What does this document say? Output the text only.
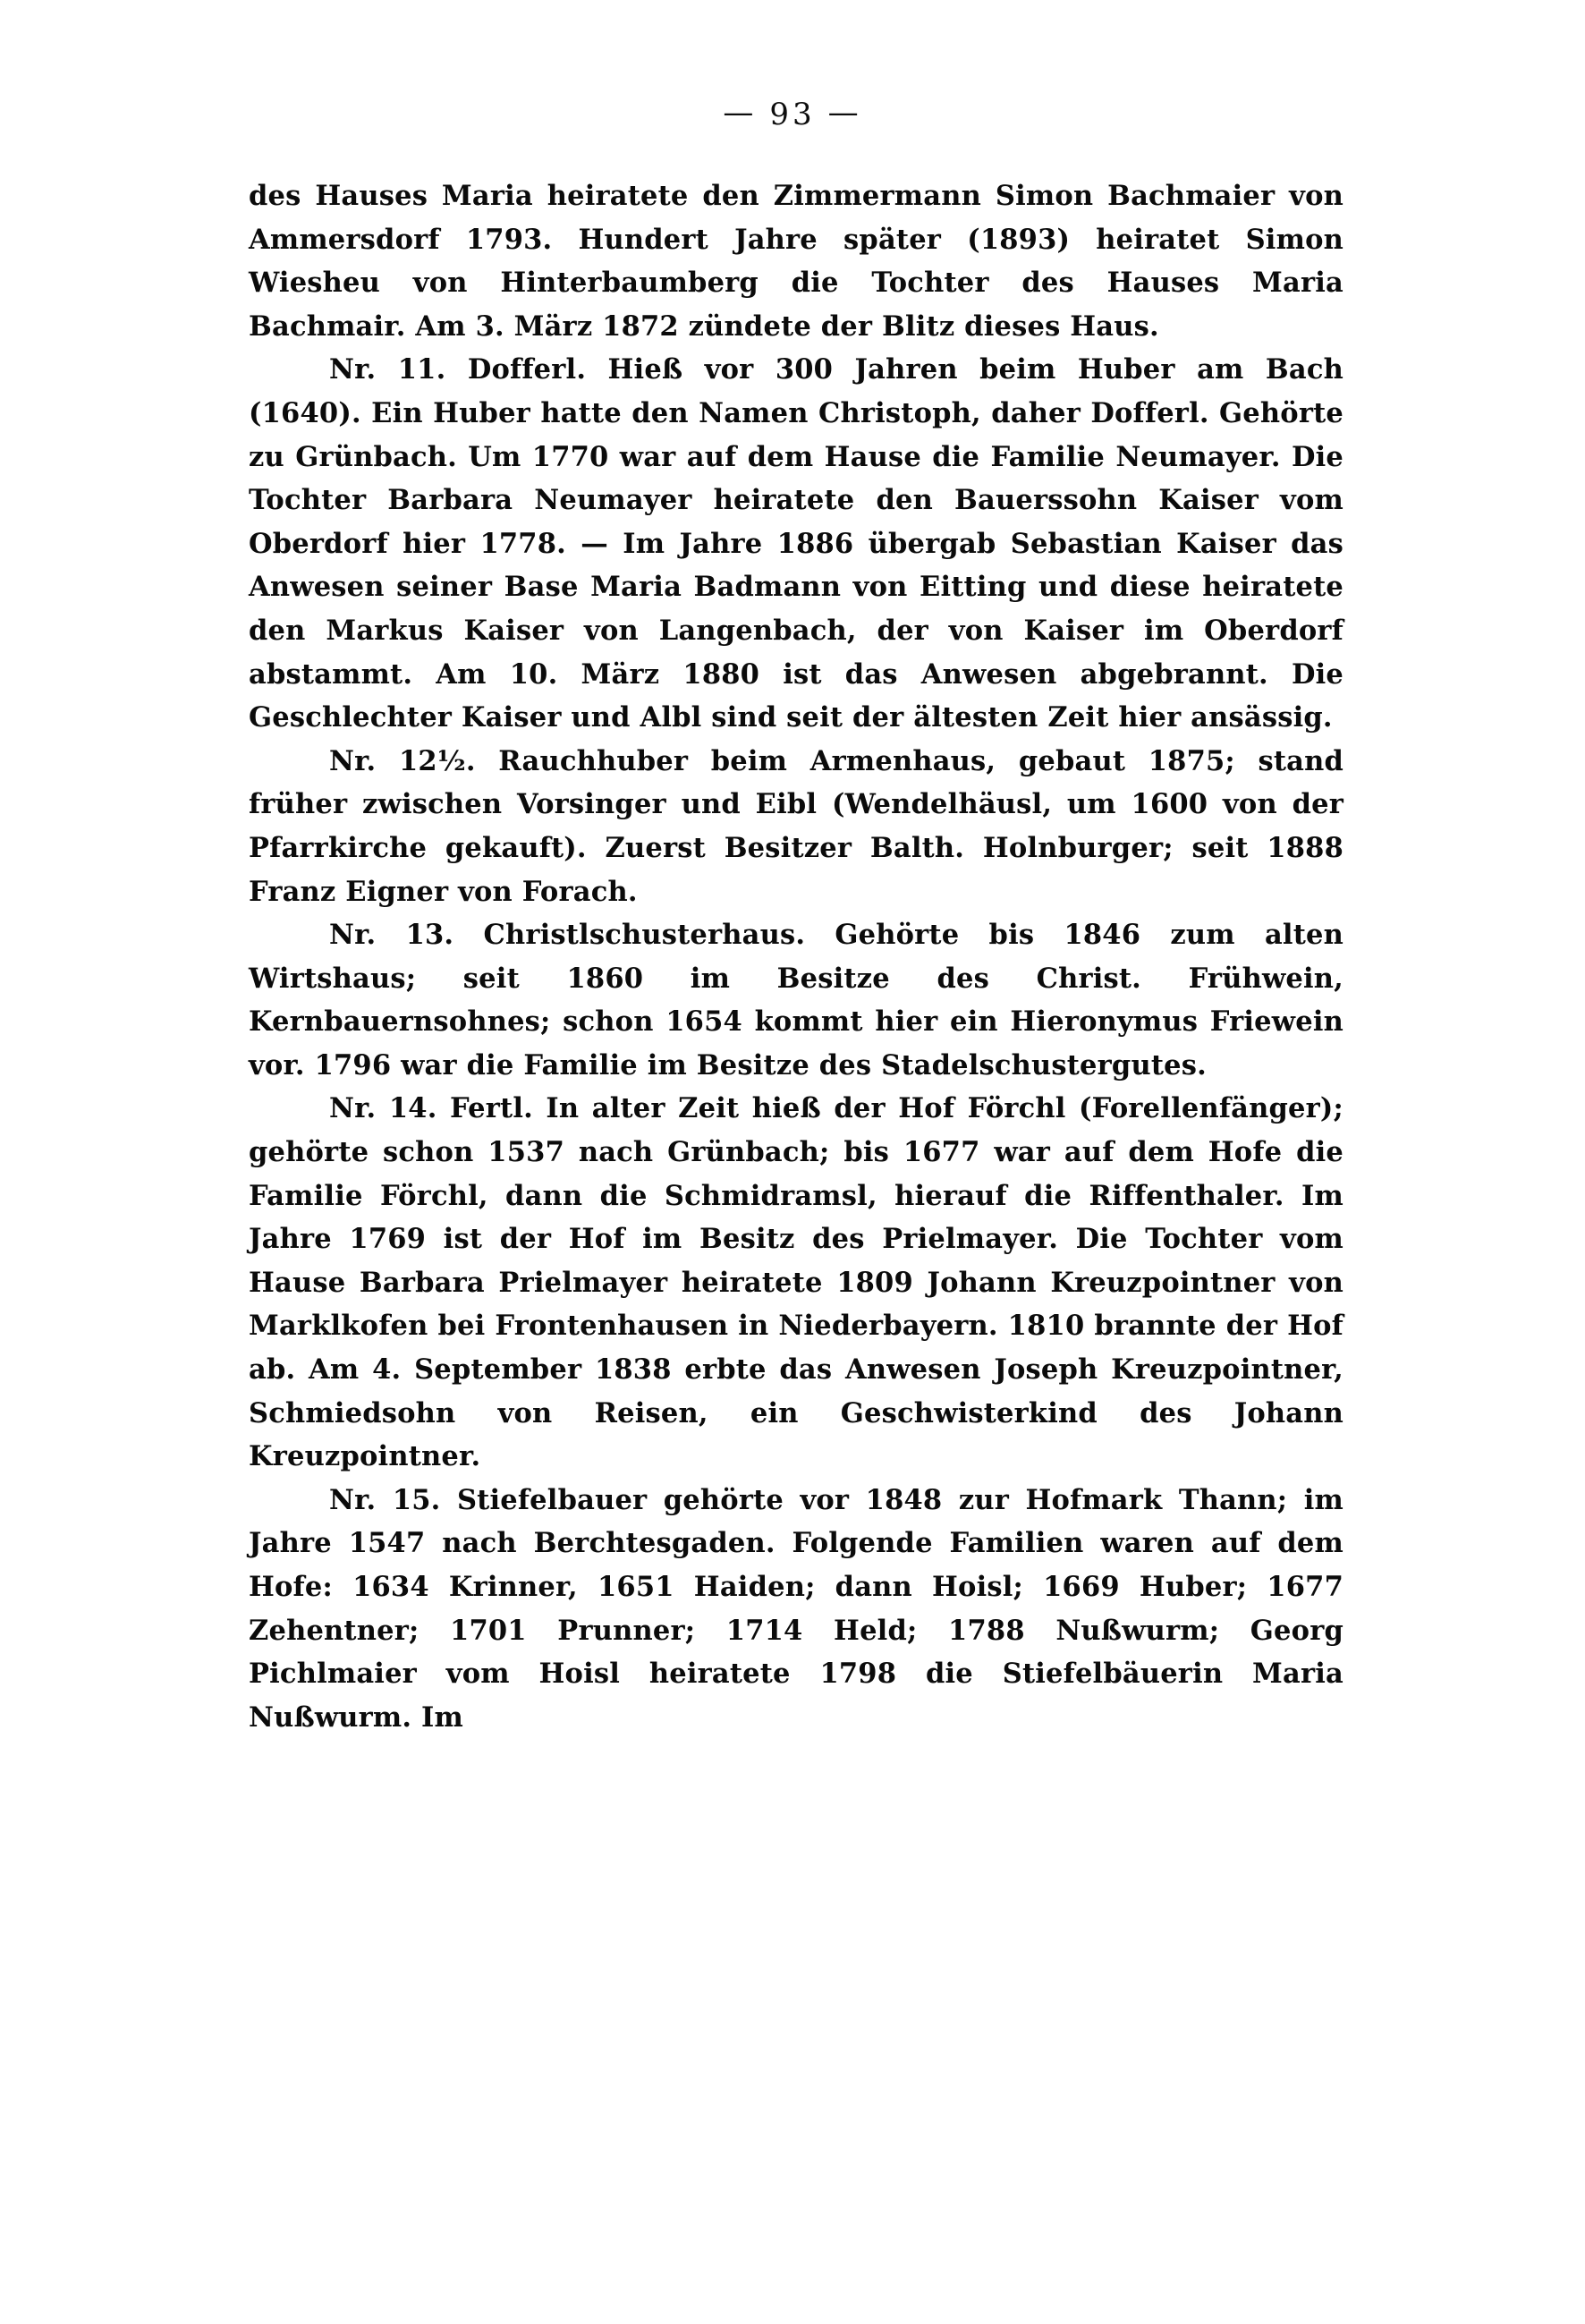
— 93 —

des Hauses Maria heiratete den Zimmermann Simon Bachmaier von Ammersdorf 1793. Hundert Jahre später (1893) heiratet Simon Wiesheu von Hinterbaumberg die Tochter des Hauses Maria Bachmair. Am 3. März 1872 zündete der Blitz dieses Haus.

Nr. 11. Dofferl. Hieß vor 300 Jahren beim Huber am Bach (1640). Ein Huber hatte den Namen Christoph, daher Dofferl. Gehörte zu Grünbach. Um 1770 war auf dem Hause die Familie Neumayer. Die Tochter Barbara Neumayer heiratete den Bauerssohn Kaiser vom Oberdorf hier 1778. — Im Jahre 1886 übergab Sebastian Kaiser das Anwesen seiner Base Maria Badmann von Eitting und diese heiratete den Markus Kaiser von Langenbach, der von Kaiser im Oberdorf abstammt. Am 10. März 1880 ist das Anwesen abgebrannt. Die Geschlechter Kaiser und Albl sind seit der ältesten Zeit hier ansässig.

Nr. 12½. Rauchhuber beim Armenhaus, gebaut 1875; stand früher zwischen Vorsinger und Eibl (Wendelhäusl, um 1600 von der Pfarrkirche gekauft). Zuerst Besitzer Balth. Holnburger; seit 1888 Franz Eigner von Forach.

Nr. 13. Christlschusterhaus. Gehörte bis 1846 zum alten Wirtshaus; seit 1860 im Besitze des Christ. Frühwein, Kernbauernsohnes; schon 1654 kommt hier ein Hieronymus Friewein vor. 1796 war die Familie im Besitze des Stadelschustergutes.

Nr. 14. Fertl. In alter Zeit hieß der Hof Förchl (Forellenfänger); gehörte schon 1537 nach Grünbach; bis 1677 war auf dem Hofe die Familie Förchl, dann die Schmidramsl, hierauf die Riffenthaler. Im Jahre 1769 ist der Hof im Besitz des Prielmayer. Die Tochter vom Hause Barbara Prielmayer heiratete 1809 Johann Kreuzpointner von Marklkofen bei Frontenhausen in Niederbayern. 1810 brannte der Hof ab. Am 4. September 1838 erbte das Anwesen Joseph Kreuzpointner, Schmiedsohn von Reisen, ein Geschwisterkind des Johann Kreuzpointner.

Nr. 15. Stiefelbauer gehörte vor 1848 zur Hofmark Thann; im Jahre 1547 nach Berchtesgaden. Folgende Familien waren auf dem Hofe: 1634 Krinner, 1651 Haiden; dann Hoisl; 1669 Huber; 1677 Zehentner; 1701 Prunner; 1714 Held; 1788 Nußwurm; Georg Pichlmaier vom Hoisl heiratete 1798 die Stiefelbäuerin Maria Nußwurm. Im
